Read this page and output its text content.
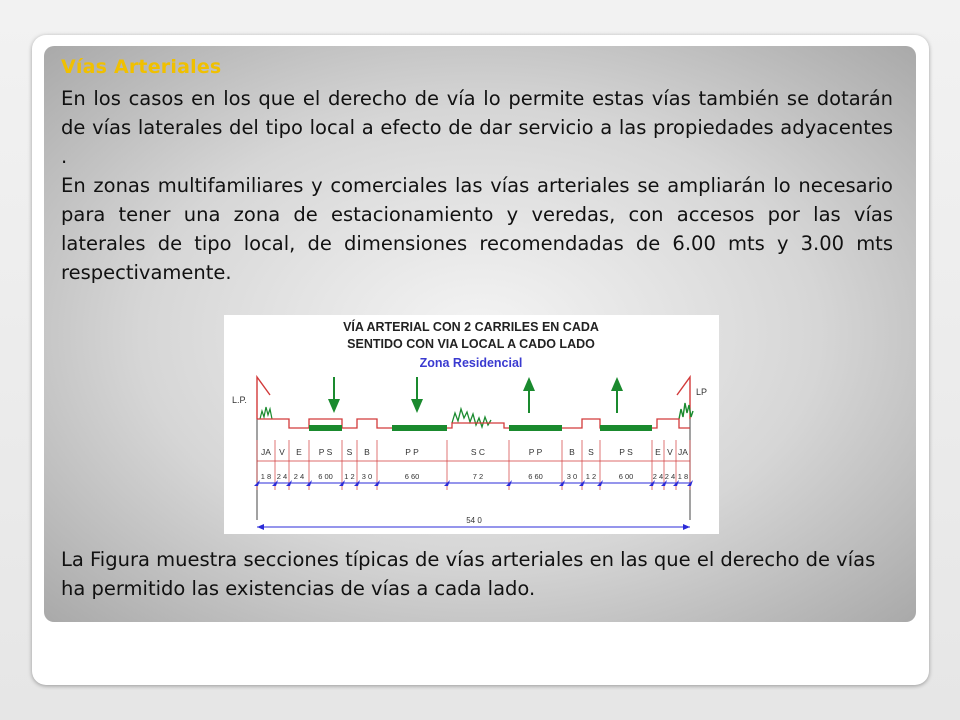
Vías Arteriales
En los casos en los que el derecho de vía lo permite estas vías también se dotarán de vías laterales del tipo local a efecto de dar servicio a las propiedades adyacentes .
En zonas multifamiliares y comerciales las vías arteriales se ampliarán lo necesario para tener una zona de estacionamiento y veredas, con accesos por las vías laterales de tipo local, de dimensiones recomendadas de 6.00 mts y 3.00 mts respectivamente.
VÍA ARTERIAL CON 2 CARRILES EN CADA
SENTIDO CON VIA LOCAL A CADO LADO
Zona Residencial
L.P.
LP
JA V E P S S B	P P	S C	P P	B S	P S	E V JA
1 8 2 4 2 4 6 00 1 2 3 0	6 60	7 2	6 60	3 0 1 2	6 00	2 4 2 4 1 8
54 0
La Figura muestra secciones típicas de vías arteriales en las que el derecho de vías ha permitido las existencias de vías a cada lado.
